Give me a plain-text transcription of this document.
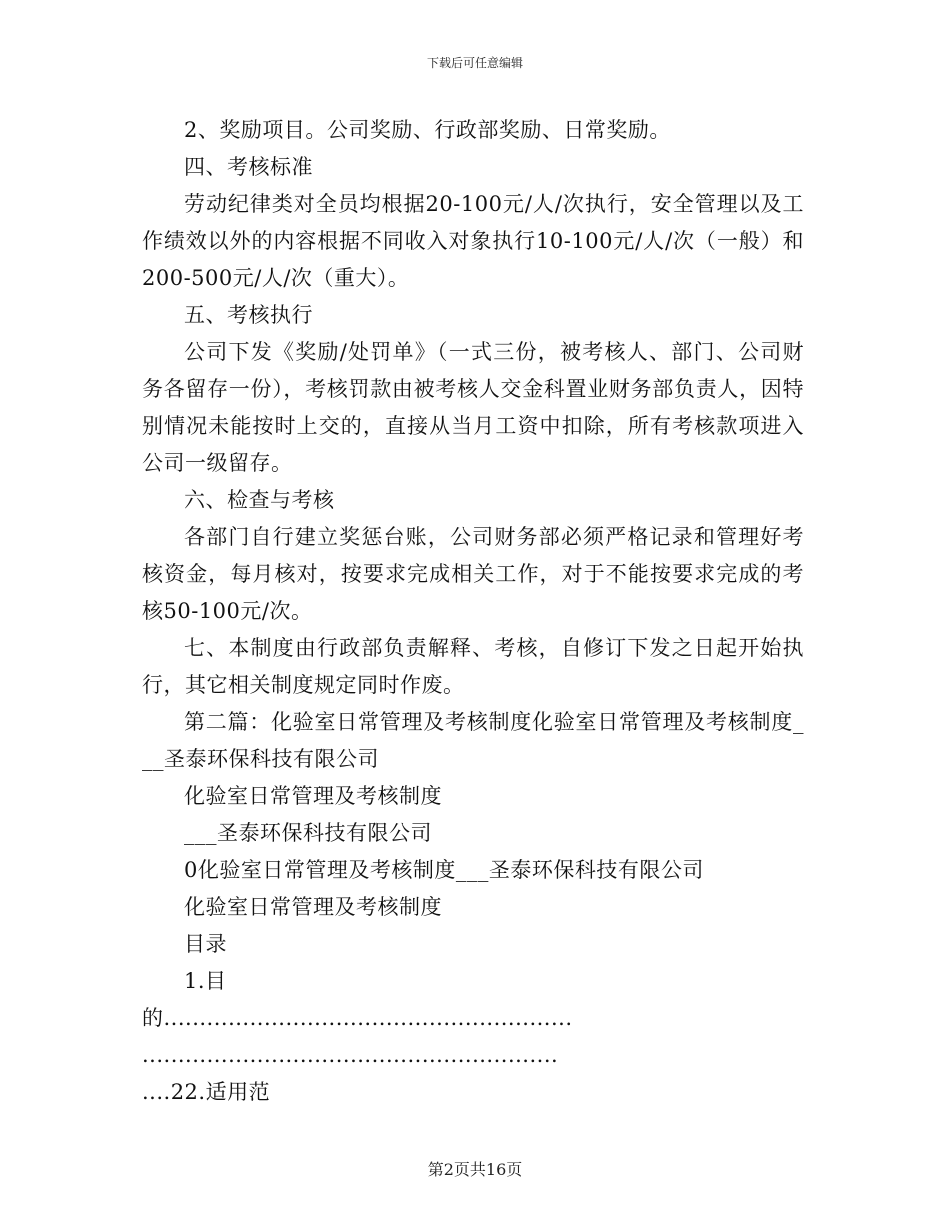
下载后可任意编辑

2、奖励项目。公司奖励、行政部奖励、日常奖励。

四、考核标准

劳动纪律类对全员均根据20-100元/人/次执行，安全管理以及工作绩效以外的内容根据不同收入对象执行10-100元/人/次（一般）和200-500元/人/次（重大）。

五、考核执行

公司下发《奖励/处罚单》（一式三份，被考核人、部门、公司财务各留存一份），考核罚款由被考核人交金科置业财务部负责人，因特别情况未能按时上交的，直接从当月工资中扣除，所有考核款项进入公司一级留存。

六、检查与考核

各部门自行建立奖惩台账，公司财务部必须严格记录和管理好考核资金，每月核对，按要求完成相关工作，对于不能按要求完成的考核50-100元/次。

七、本制度由行政部负责解释、考核，自修订下发之日起开始执行，其它相关制度规定同时作废。

第二篇：化验室日常管理及考核制度化验室日常管理及考核制度___圣泰环保科技有限公司

化验室日常管理及考核制度

___圣泰环保科技有限公司

0化验室日常管理及考核制度___圣泰环保科技有限公司

化验室日常管理及考核制度

目录

1.目

的.........................................................

..........................................................

....22.适用范

第2页共16页
